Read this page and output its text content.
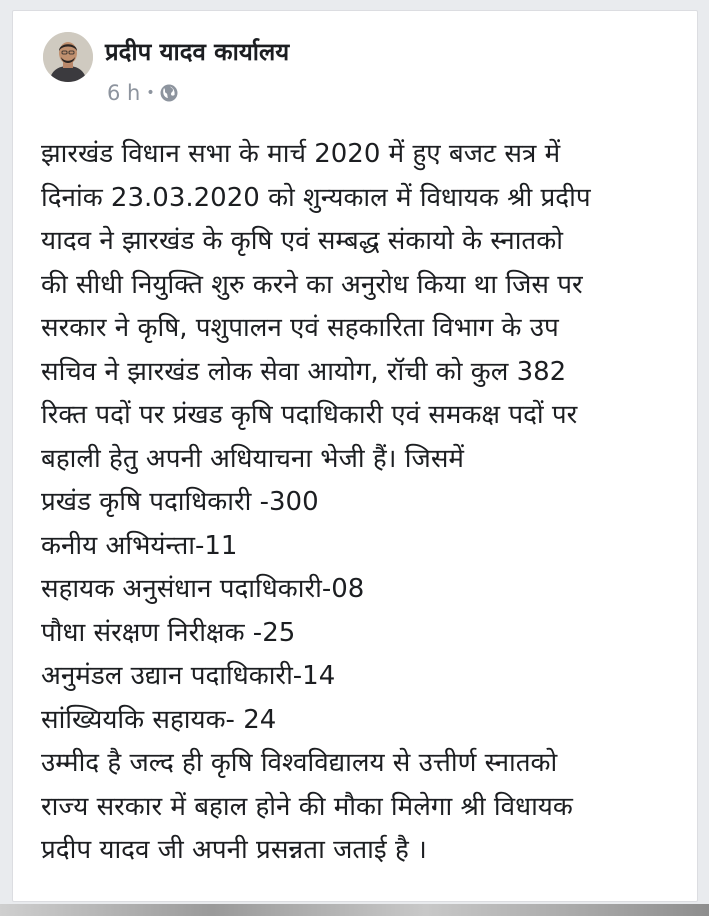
प्रदीप यादव कार्यालय
6 h •
झारखंड विधान सभा के मार्च 2020 में हुए बजट सत्र में
दिनांक 23.03.2020 को शुन्यकाल में विधायक श्री प्रदीप
यादव ने झारखंड के कृषि एवं सम्बद्ध संकायो के स्नातको
की सीधी नियुक्ति शुरु करने का अनुरोध किया था जिस पर
सरकार ने कृषि, पशुपालन एवं सहकारिता विभाग के उप
सचिव ने झारखंड लोक सेवा आयोग, रॉची को कुल 382
रिक्त पदों पर प्रंखड कृषि पदाधिकारी एवं समकक्ष पदों पर
बहाली हेतु अपनी अधियाचना भेजी हैं। जिसमें
प्रखंड कृषि पदाधिकारी -300
कनीय अभियंन्ता-11
सहायक अनुसंधान पदाधिकारी-08
पौधा संरक्षण निरीक्षक -25
अनुमंडल उद्यान पदाधिकारी-14
सांख्यियकि सहायक- 24
उम्मीद है जल्द ही कृषि विश्वविद्यालय से उत्तीर्ण स्नातको
राज्य सरकार में बहाल होने की मौका मिलेगा श्री विधायक
प्रदीप यादव जी अपनी प्रसन्नता जताई है ।
